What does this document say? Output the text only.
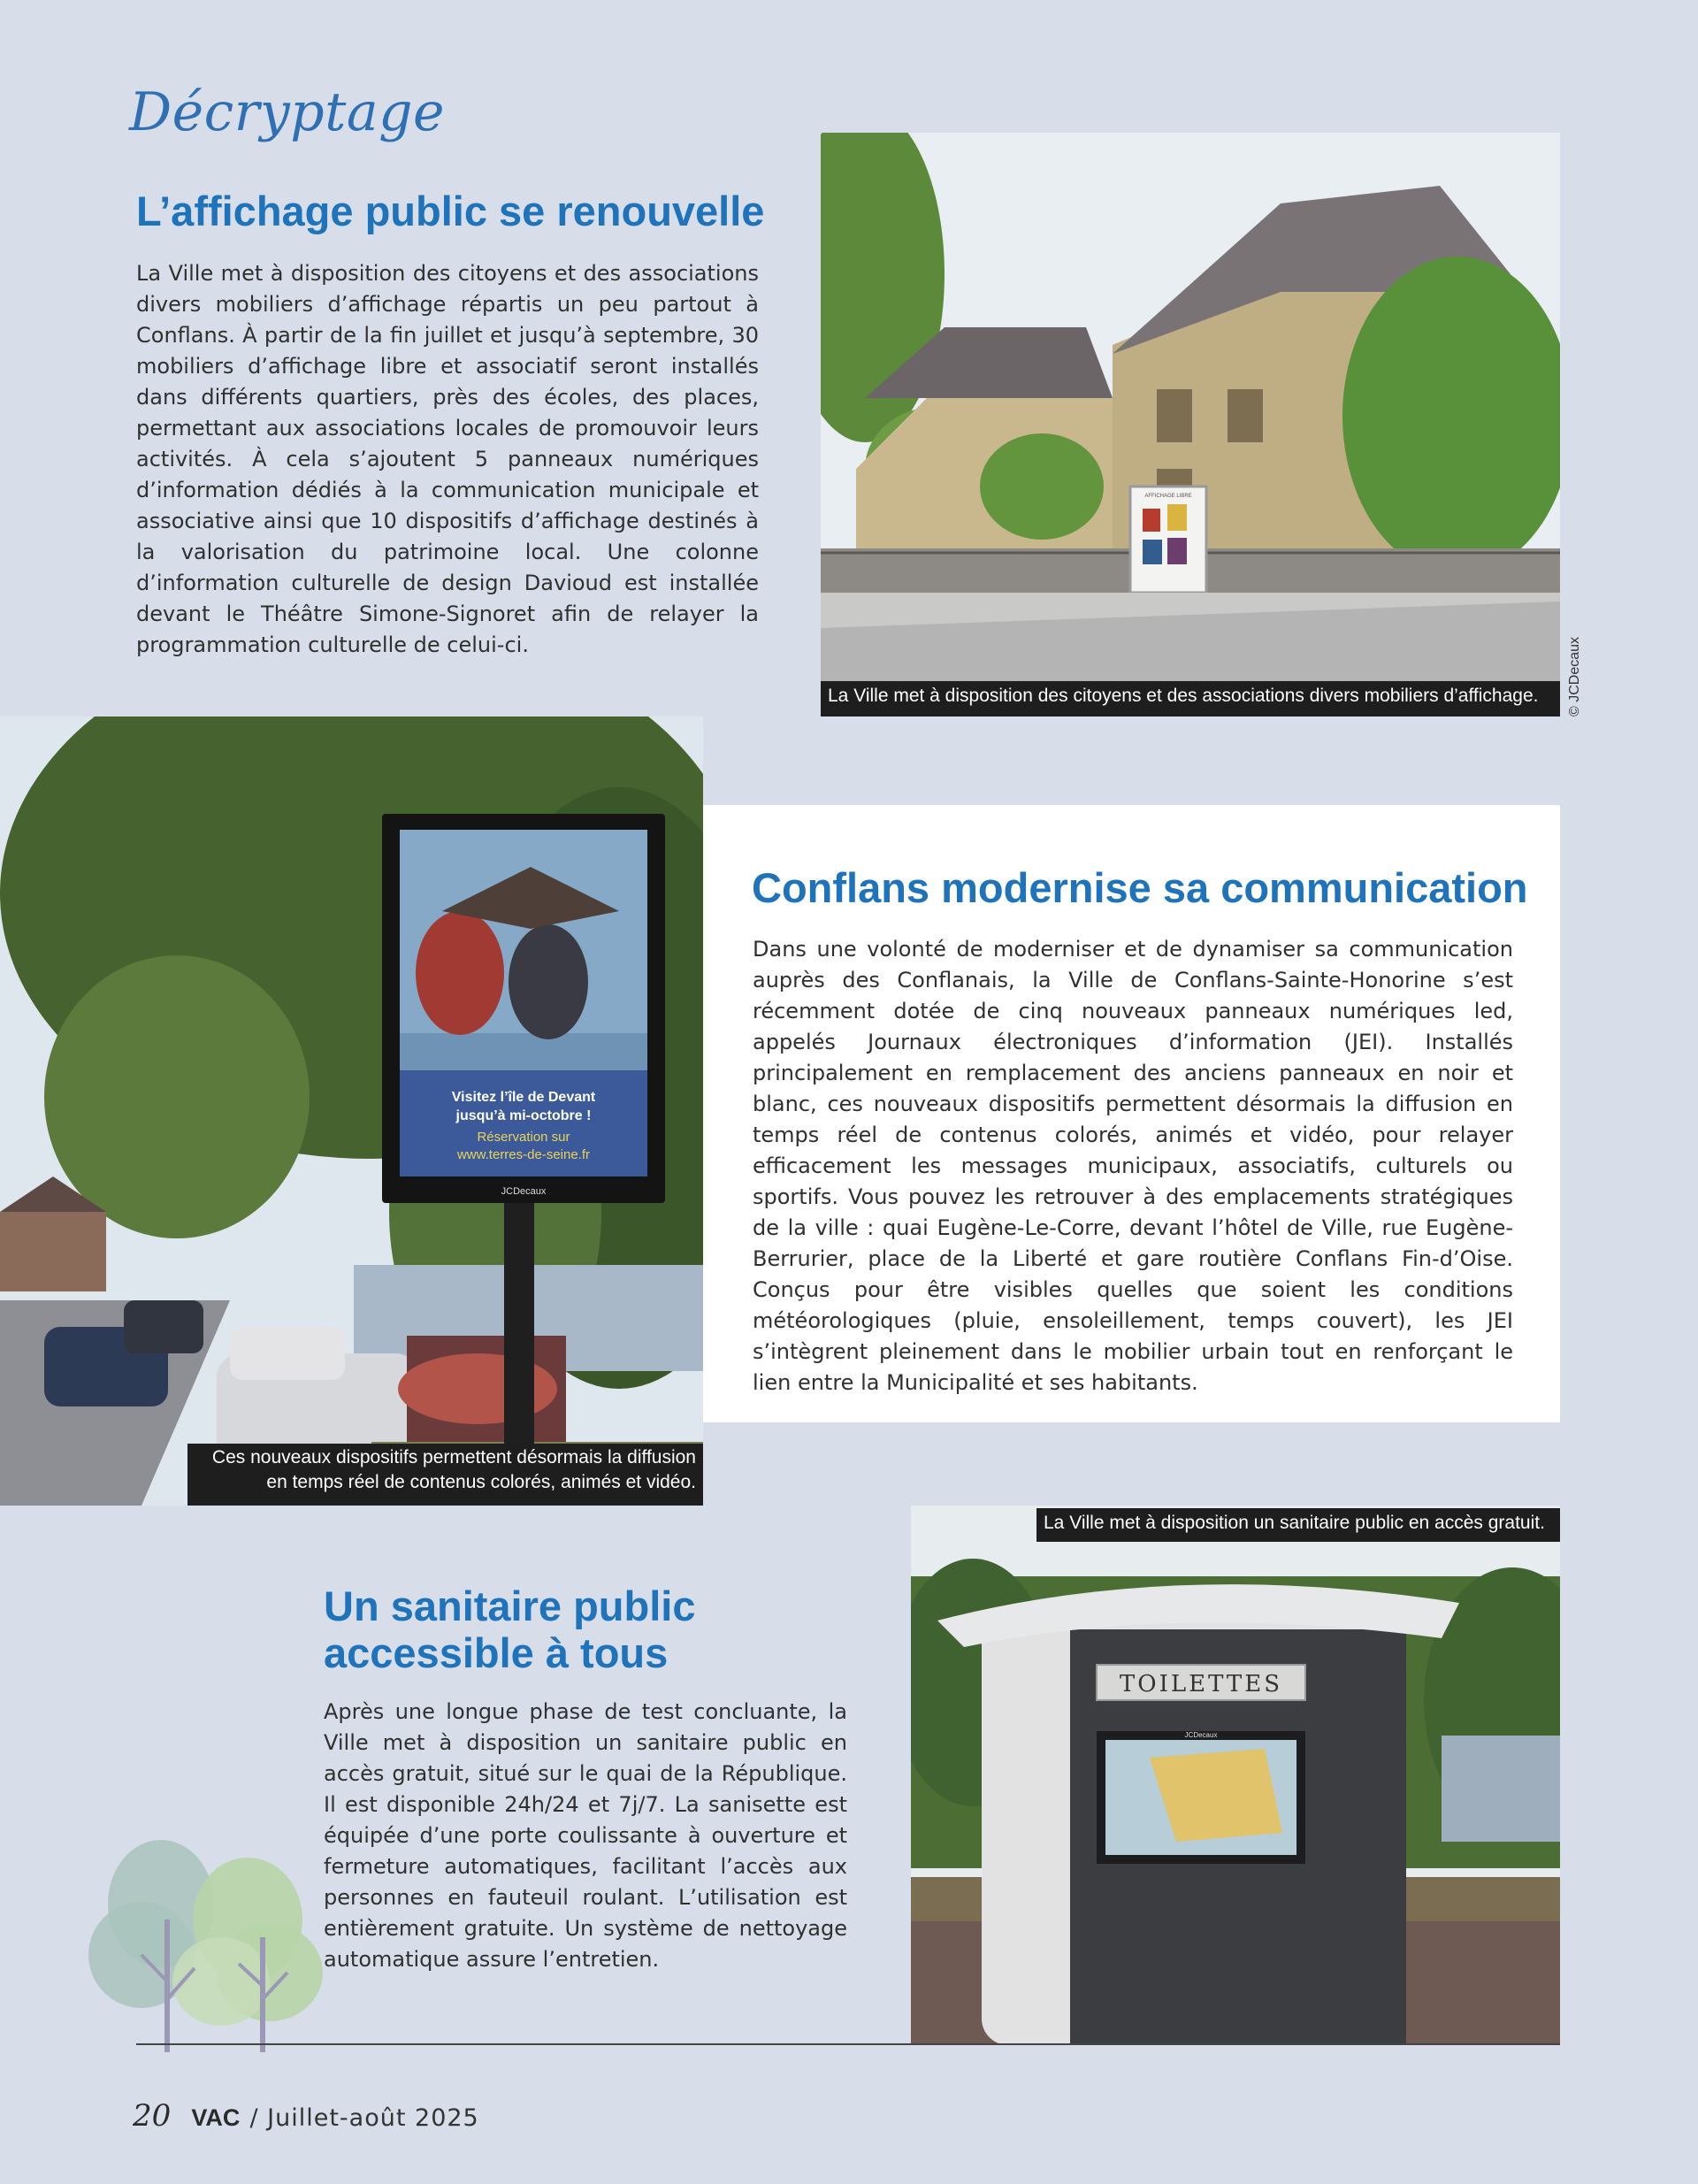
Décryptage
L’affichage public se renouvelle

La Ville met à disposition des citoyens et des associations divers mobiliers d’affichage répartis un peu partout à Conflans. À partir de la fin juillet et jusqu’à septembre, 30 mobiliers d’affichage libre et associatif seront installés dans différents quartiers, près des écoles, des places, permettant aux associations locales de promouvoir leurs activités. À cela s’ajoutent 5 panneaux numériques d’information dédiés à la communication municipale et associative ainsi que 10 dispositifs d’affichage destinés à la valorisation du patrimoine local. Une colonne d’information culturelle de design Davioud est installée devant le Théâtre Simone-Signoret afin de relayer la programmation culturelle de celui-ci.

AFFICHAGE LIBRE
La Ville met à disposition des citoyens et des associations divers mobiliers d’affichage.	© JCDecaux
Visitez l’île de Devant
jusqu’à mi-octobre !
Réservation sur
www.terres-de-seine.fr
JCDecaux
Ces nouveaux dispositifs permettent désormais la diffusion
en temps réel de contenus colorés, animés et vidéo.
Conflans modernise sa communication

Dans une volonté de moderniser et de dynamiser sa communication auprès des Conflanais, la Ville de Conflans-Sainte-Honorine s’est récemment dotée de cinq nouveaux panneaux numériques led, appelés Journaux électroniques d’information (JEI). Installés principalement en remplacement des anciens panneaux en noir et blanc, ces nouveaux dispositifs permettent désormais la diffusion en temps réel de contenus colorés, animés et vidéo, pour relayer efficacement les messages municipaux, associatifs, culturels ou sportifs. Vous pouvez les retrouver à des emplacements stratégiques de la ville : quai Eugène-Le-Corre, devant l’hôtel de Ville, rue Eugène-Berrurier, place de la Liberté et gare routière Conflans Fin-d’Oise. Conçus pour être visibles quelles que soient les conditions météorologiques (pluie, ensoleillement, temps couvert), les JEI s’intègrent pleinement dans le mobilier urbain tout en renforçant le lien entre la Municipalité et ses habitants.

Un sanitaire public
accessible à tous

Après une longue phase de test concluante, la Ville met à disposition un sanitaire public en accès gratuit, situé sur le quai de la République. Il est disponible 24h/24 et 7j/7. La sanisette est équipée d’une porte coulissante à ouverture et fermeture automatiques, facilitant l’accès aux personnes en fauteuil roulant. L’utilisation est entièrement gratuite. Un système de nettoyage automatique assure l’entretien.

TOILETTES
JCDecaux
La Ville met à disposition un sanitaire public en accès gratuit.
20 VAC / Juillet-août 2025
